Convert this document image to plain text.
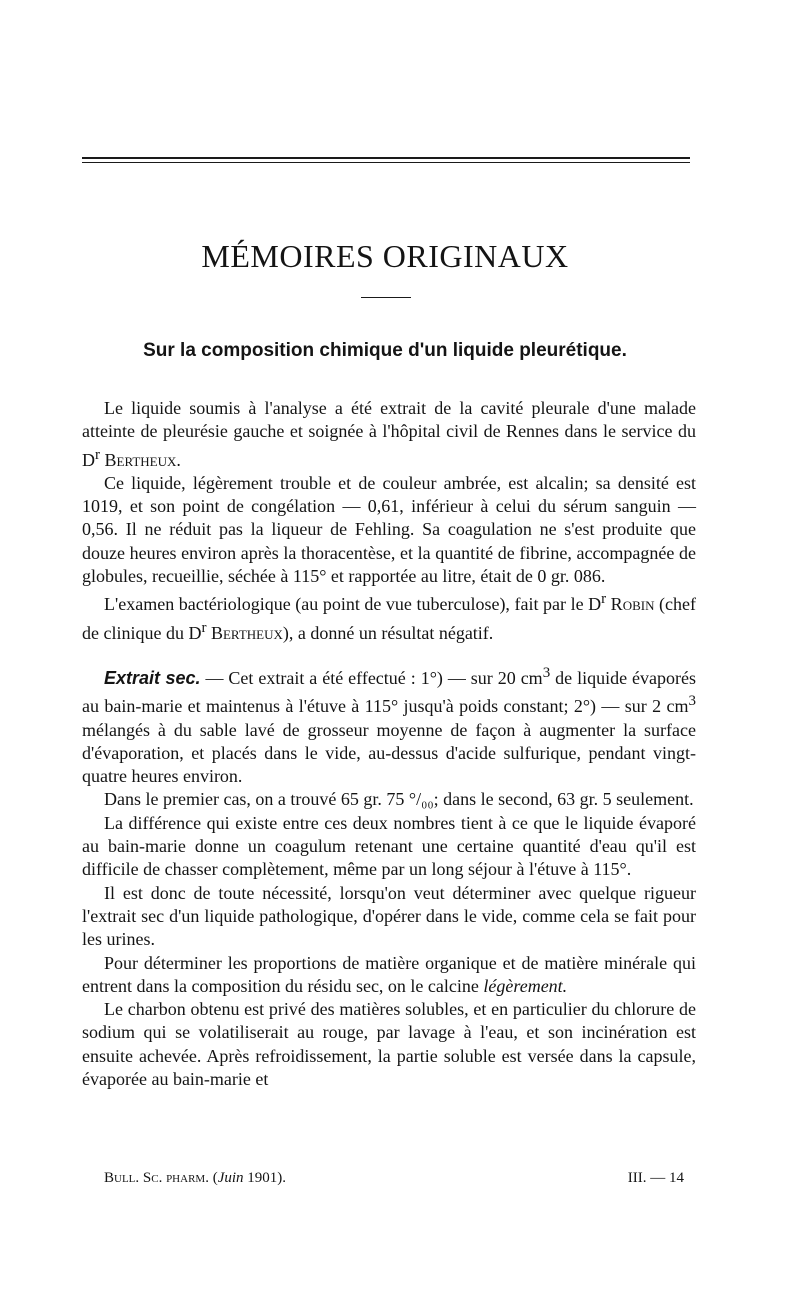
MÉMOIRES ORIGINAUX
Sur la composition chimique d'un liquide pleurétique.

Le liquide soumis à l'analyse a été extrait de la cavité pleurale d'une malade atteinte de pleurésie gauche et soignée à l'hôpital civil de Rennes dans le service du $D^r$ Bertheux.

Ce liquide, légèrement trouble et de couleur ambrée, est alcalin; sa densité est 1019, et son point de congélation — 0,61, inférieur à celui du sérum sanguin — 0,56. Il ne réduit pas la liqueur de Fehling. Sa coagulation ne s'est produite que douze heures environ après la thoracentèse, et la quantité de fibrine, accompagnée de globules, recueillie, séchée à 115° et rapportée au litre, était de 0 gr. 086.

L'examen bactériologique (au point de vue tuberculose), fait par le $D^r$ Robin (chef de clinique du $D^r$ Bertheux), a donné un résultat négatif.

Extrait sec. — Cet extrait a été effectué : 1°) — sur 20 $cm^3$ de liquide évaporés au bain-marie et maintenus à l'étuve à 115° jusqu'à poids constant; 2°) — sur 2 $cm^3$ mélangés à du sable lavé de grosseur moyenne de façon à augmenter la surface d'évaporation, et placés dans le vide, au-dessus d'acide sulfurique, pendant vingt-quatre heures environ.

Dans le premier cas, on a trouvé 65 gr. 75 °/₀₀; dans le second, 63 gr. 5 seulement.

La différence qui existe entre ces deux nombres tient à ce que le liquide évaporé au bain-marie donne un coagulum retenant une certaine quantité d'eau qu'il est difficile de chasser complètement, même par un long séjour à l'étuve à 115°.

Il est donc de toute nécessité, lorsqu'on veut déterminer avec quelque rigueur l'extrait sec d'un liquide pathologique, d'opérer dans le vide, comme cela se fait pour les urines.

Pour déterminer les proportions de matière organique et de matière minérale qui entrent dans la composition du résidu sec, on le calcine légèrement.

Le charbon obtenu est privé des matières solubles, et en particulier du chlorure de sodium qui se volatiliserait au rouge, par lavage à l'eau, et son incinération est ensuite achevée. Après refroidissement, la partie soluble est versée dans la capsule, évaporée au bain-marie et

Bull. Sc. pharm. (Juin 1901).	III. — 14
